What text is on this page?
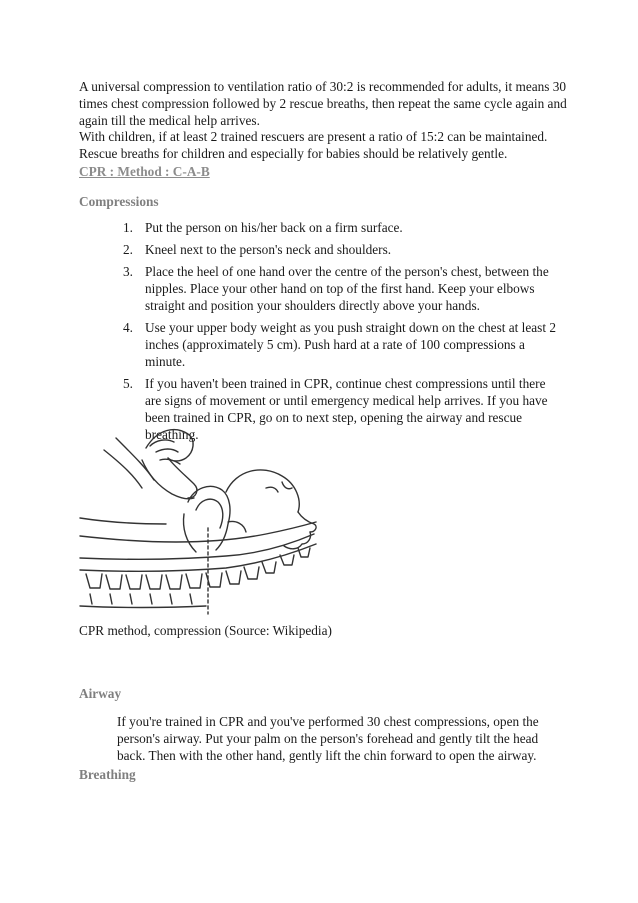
A universal compression to ventilation ratio of 30:2 is recommended for adults, it means 30 times chest compression followed by 2 rescue breaths, then repeat the same cycle again and again till the medical help arrives.

With children, if at least 2 trained rescuers are present a ratio of 15:2 can be maintained. Rescue breaths for children and especially for babies should be relatively gentle.

CPR : Method : C-A-B

Compressions

1. Put the person on his/her back on a firm surface.
2. Kneel next to the person's neck and shoulders.
3. Place the heel of one hand over the centre of the person's chest, between the nipples. Place your other hand on top of the first hand. Keep your elbows straight and position your shoulders directly above your hands.
4. Use your upper body weight as you push straight down on the chest at least 2 inches (approximately 5 cm). Push hard at a rate of 100 compressions a minute.
5. If you haven't been trained in CPR, continue chest compressions until there are signs of movement or until emergency medical help arrives. If you have been trained in CPR, go on to next step, opening the airway and rescue breathing.

CPR method, compression (Source: Wikipedia)

Airway

If you're trained in CPR and you've performed 30 chest compressions, open the person's airway. Put your palm on the person's forehead and gently tilt the head back. Then with the other hand, gently lift the chin forward to open the airway.

Breathing
